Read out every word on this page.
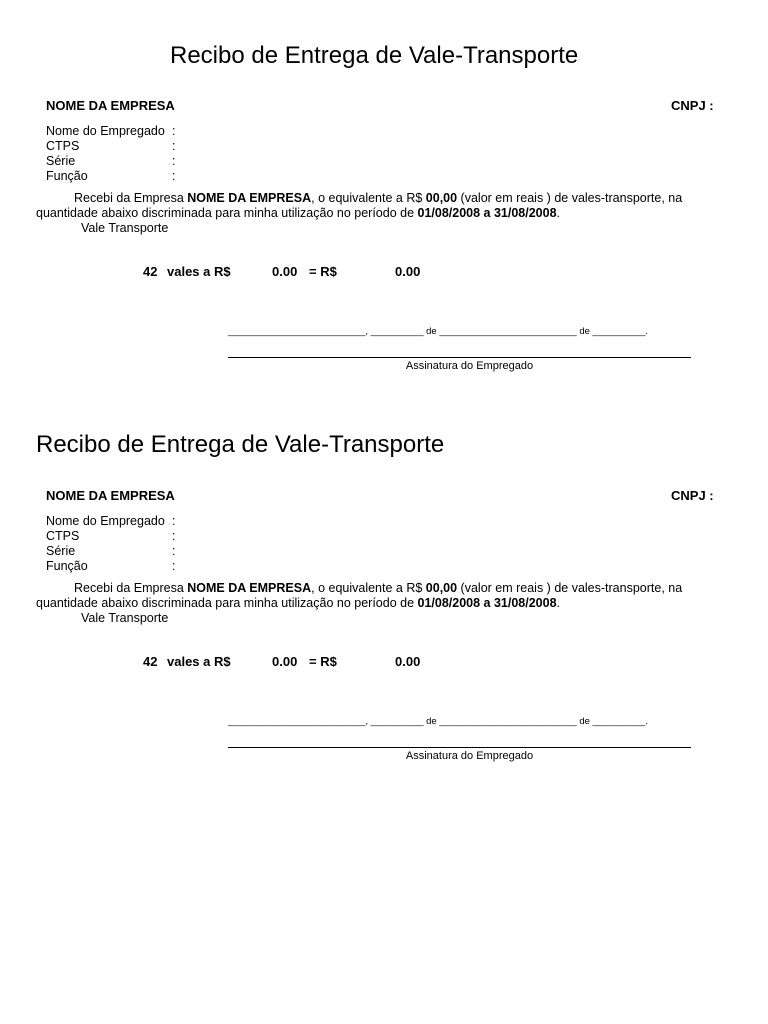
Recibo de Entrega de Vale-Transporte
NOME DA EMPRESA	CNPJ :
Nome do Empregado :
CTPS	:
Série	:
Função	:
Recebi da Empresa NOME DA EMPRESA, o equivalente a R$ 00,00 (valor em reais ) de vales-transporte, na
quantidade abaixo discriminada para minha utilização no período de 01/08/2008 a 31/08/2008.
Vale Transporte
42 vales a R$	0.00 = R$	0.00
__________________________, __________ de __________________________ de __________.
Assinatura do Empregado
Recibo de Entrega de Vale-Transporte
NOME DA EMPRESA	CNPJ :
Nome do Empregado :
CTPS	:
Série	:
Função	:
Recebi da Empresa NOME DA EMPRESA, o equivalente a R$ 00,00 (valor em reais ) de vales-transporte, na
quantidade abaixo discriminada para minha utilização no período de 01/08/2008 a 31/08/2008.
Vale Transporte
42 vales a R$	0.00 = R$	0.00
__________________________, __________ de __________________________ de __________.
Assinatura do Empregado
